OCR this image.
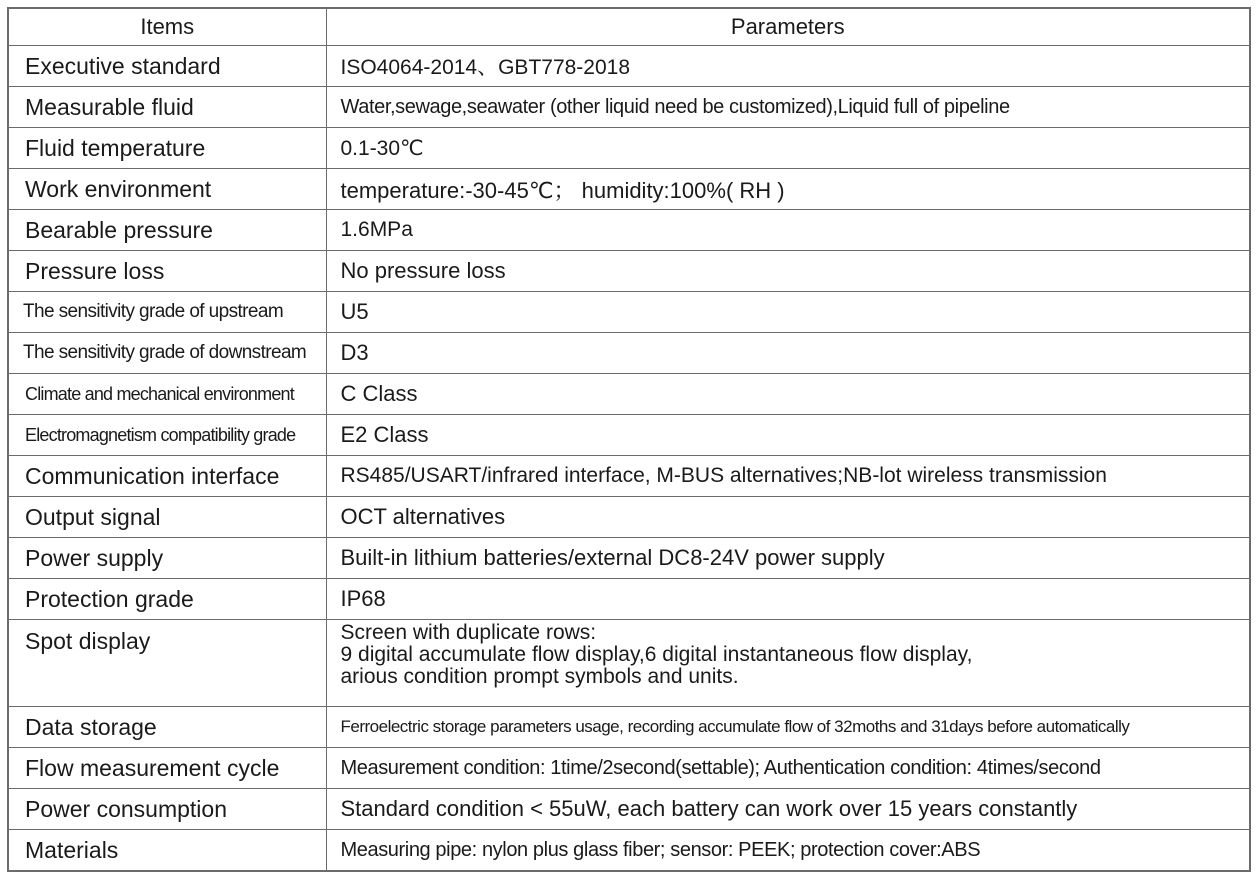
Items	Parameters
Executive standard	ISO4064-2014、GBT778-2018
Measurable fluid	Water,sewage,seawater (other liquid need be customized),Liquid full of pipeline
Fluid temperature	0.1-30℃
Work environment	temperature:-30-45℃； humidity:100%( RH )
Bearable pressure	1.6MPa
Pressure loss	No pressure loss
The sensitivity grade of upstream	U5
The sensitivity grade of downstream	D3
Climate and mechanical environment	C Class
Electromagnetism compatibility grade	E2 Class
Communication interface	RS485/USART/infrared interface, M-BUS alternatives;NB-lot wireless transmission
Output signal	OCT alternatives
Power supply	Built-in lithium batteries/external DC8-24V power supply
Protection grade	IP68
Spot display	Screen with duplicate rows:
9 digital accumulate flow display,6 digital instantaneous flow display,
arious condition prompt symbols and units.

Data storage	Ferroelectric storage parameters usage, recording accumulate flow of 32moths and 31days before automatically
Flow measurement cycle	Measurement condition: 1time/2second(settable); Authentication condition: 4times/second
Power consumption	Standard condition < 55uW, each battery can work over 15 years constantly
Materials	Measuring pipe: nylon plus glass fiber; sensor: PEEK; protection cover:ABS
